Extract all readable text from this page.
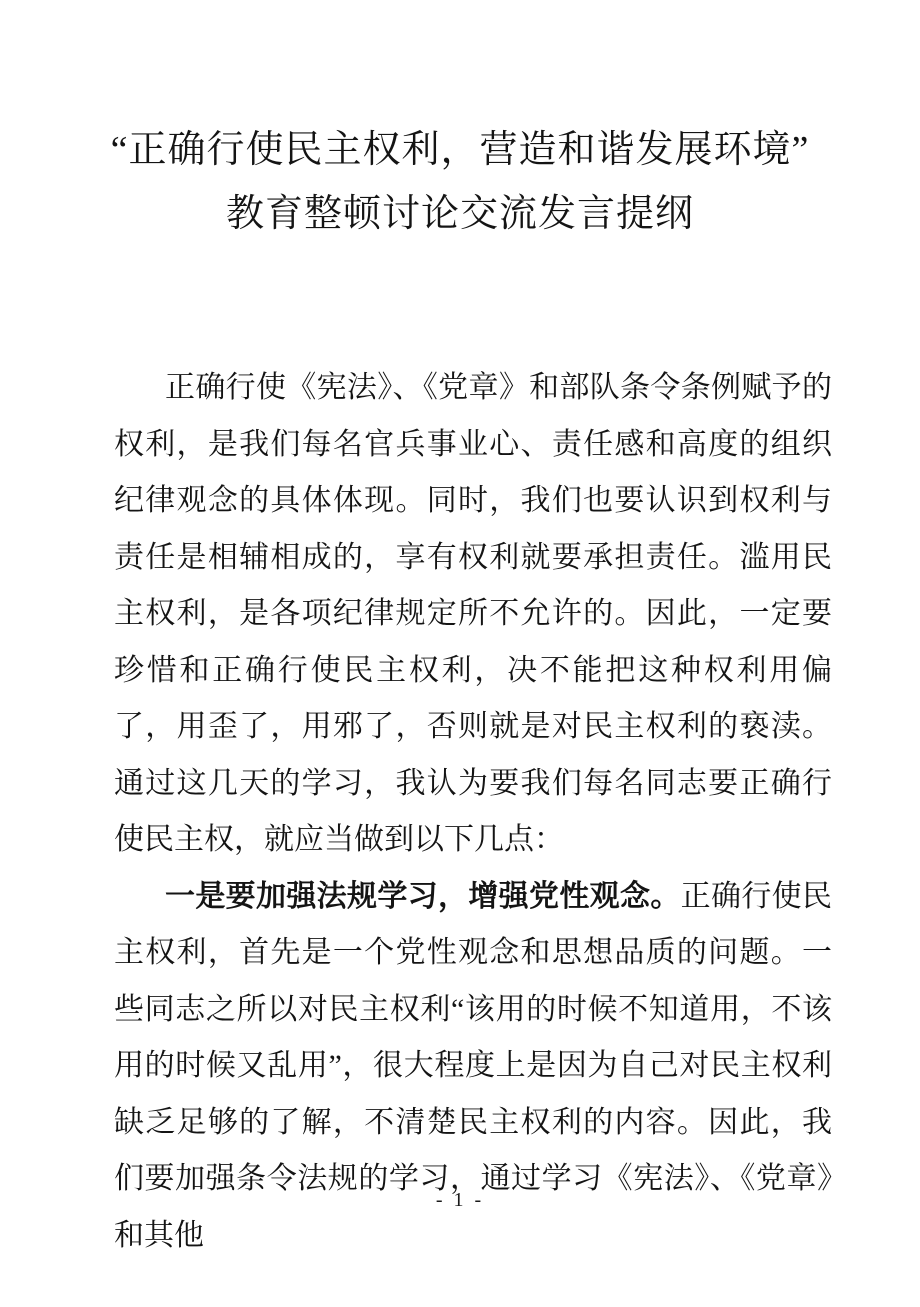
“正确行使民主权利，营造和谐发展环境”
教育整顿讨论交流发言提纲

正确行使《宪法》、《党章》和部队条令条例赋予的权利，是我们每名官兵事业心、责任感和高度的组织纪律观念的具体体现。同时，我们也要认识到权利与责任是相辅相成的，享有权利就要承担责任。滥用民主权利，是各项纪律规定所不允许的。因此，一定要珍惜和正确行使民主权利，决不能把这种权利用偏了，用歪了，用邪了，否则就是对民主权利的亵渎。通过这几天的学习，我认为要我们每名同志要正确行使民主权，就应当做到以下几点：

一是要加强法规学习，增强党性观念。正确行使民主权利，首先是一个党性观念和思想品质的问题。一些同志之所以对民主权利“该用的时候不知道用，不该用的时候又乱用”，很大程度上是因为自己对民主权利缺乏足够的了解，不清楚民主权利的内容。因此，我们要加强条令法规的学习，通过学习《宪法》、《党章》和其他

- 1 -
